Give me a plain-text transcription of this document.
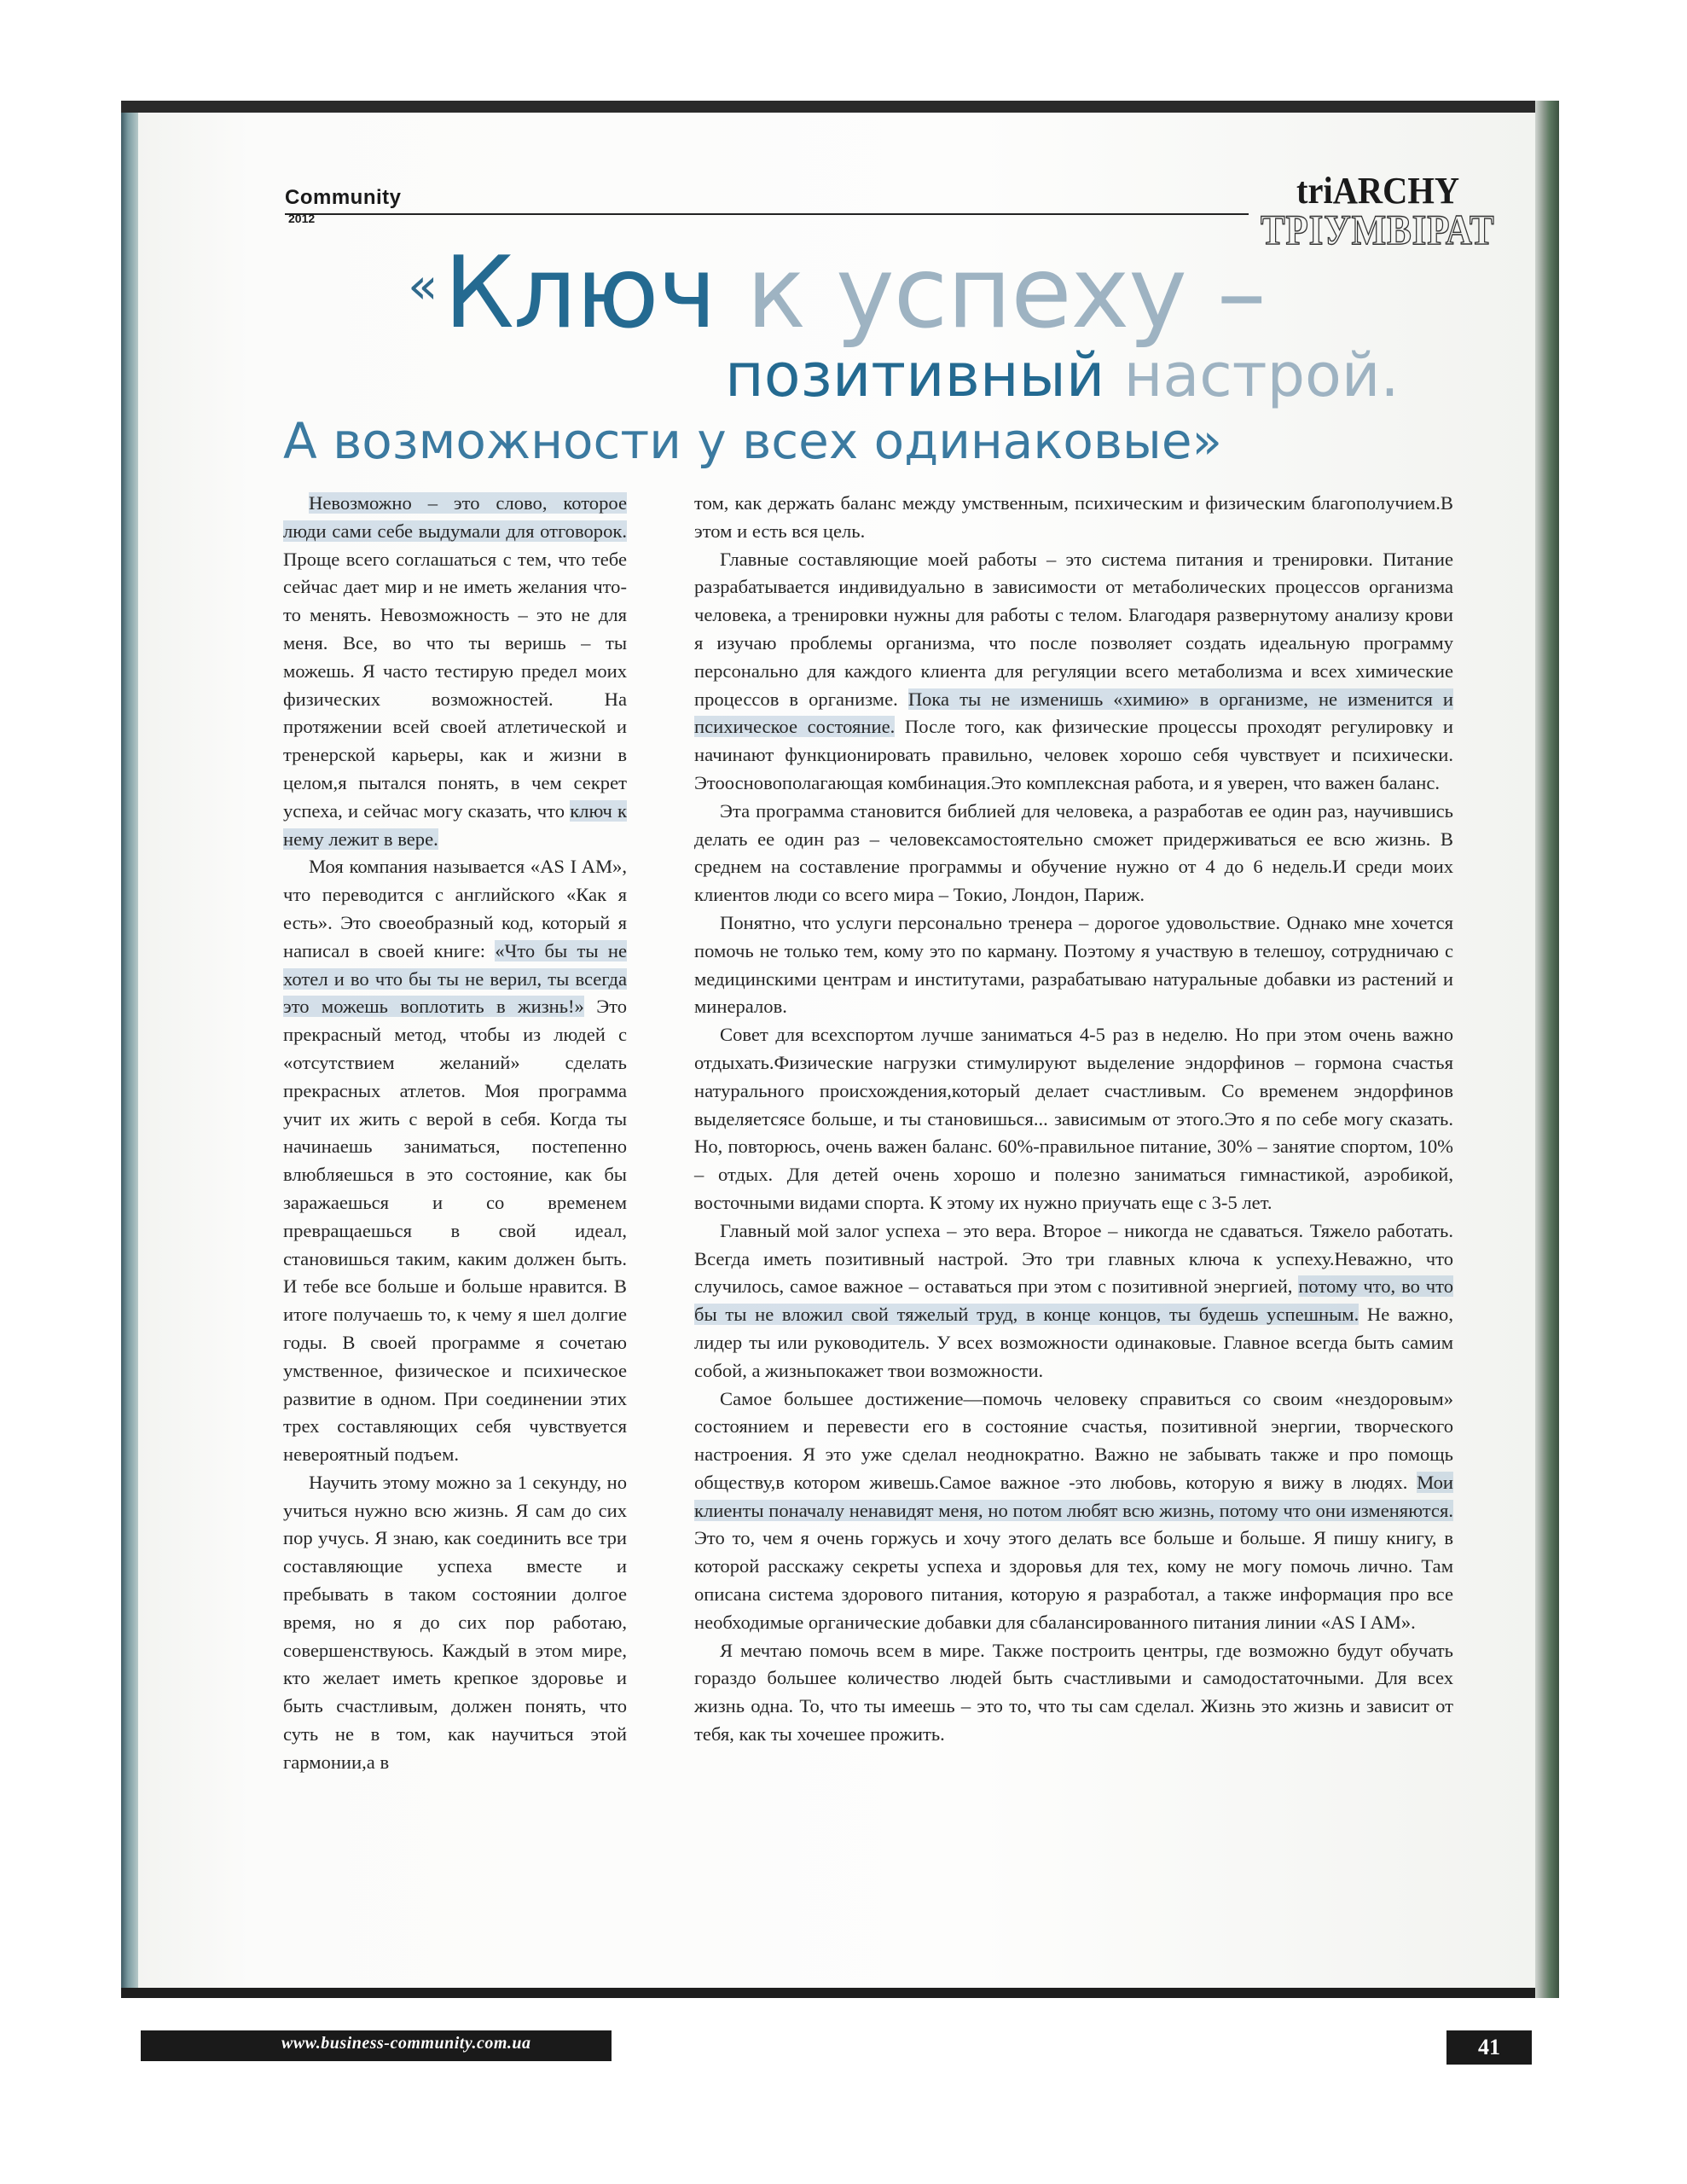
Community
2012
triARCHY
ТРІУМВІРАТ
«Ключ к успеху –
позитивный настрой.
А возможности у всех одинаковые»

Невозможно – это слово, которое люди сами себе выдумали для отговорок. Проще всего соглашаться с тем, что тебе сейчас дает мир и не иметь желания что-то менять. Невозможность – это не для меня. Все, во что ты веришь – ты можешь. Я часто тестирую предел моих физических возможностей. На протяжении всей своей атлетической и тренерской карьеры, как и жизни в целом,я пытался понять, в чем секрет успеха, и сейчас могу сказать, что ключ к нему лежит в вере.

Моя компания называется «AS I AM», что переводится с английского «Как я есть». Это своеобразный код, который я написал в своей книге: «Что бы ты не хотел и во что бы ты не верил, ты всегда это можешь воплотить в жизнь!» Это прекрасный метод, чтобы из людей с «отсутствием желаний» сделать прекрасных атлетов. Моя программа учит их жить с верой в себя. Когда ты начинаешь заниматься, постепенно влюбляешься в это состояние, как бы заражаешься и со временем превращаешься в свой идеал, становишься таким, каким должен быть. И тебе все больше и больше нравится. В итоге получаешь то, к чему я шел долгие годы. В своей программе я сочетаю умственное, физическое и психическое развитие в одном. При соединении этих трех составляющих себя чувствуется невероятный подъем.

Научить этому можно за 1 секунду, но учиться нужно всю жизнь. Я сам до сих пор учусь. Я знаю, как соединить все три составляющие успеха вместе и пребывать в таком состоянии долгое время, но я до сих пор работаю, совершенствуюсь. Каждый в этом мире, кто желает иметь крепкое здоровье и быть счастливым, должен понять, что суть не в том, как научиться этой гармонии,а в

том, как держать баланс между умственным, психическим и физическим благополучием.В этом и есть вся цель.

Главные составляющие моей работы – это система питания и тренировки. Питание разрабатывается индивидуально в зависимости от метаболических процессов организма человека, а тренировки нужны для работы с телом. Благодаря развернутому анализу крови я изучаю проблемы организма, что после позволяет создать идеальную программу персонально для каждого клиента для регуляции всего метаболизма и всех химические процессов в организме. Пока ты не изменишь «химию» в организме, не изменится и психическое состояние. После того, как физические процессы проходят регулировку и начинают функционировать правильно, человек хорошо себя чувствует и психически. Этоосновополагающая комбинация.Это комплексная работа, и я уверен, что важен баланс.

Эта программа становится библией для человека, а разработав ее один раз, научившись делать ее один раз – человексамостоятельно сможет придерживаться ее всю жизнь. В среднем на составление программы и обучение нужно от 4 до 6 недель.И среди моих клиентов люди со всего мира – Токио, Лондон, Париж.

Понятно, что услуги персонально тренера – дорогое удовольствие. Однако мне хочется помочь не только тем, кому это по карману. Поэтому я участвую в телешоу, сотрудничаю с медицинскими центрам и институтами, разрабатываю натуральные добавки из растений и минералов.

Совет для всехспортом лучше заниматься 4-5 раз в неделю. Но при этом очень важно отдыхать.Физические нагрузки стимулируют выделение эндорфинов – гормона счастья натурального происхождения,который делает счастливым. Со временем эндорфинов выделяетсясе больше, и ты становишься... зависимым от этого.Это я по себе могу сказать. Но, повторюсь, очень важен баланс. 60%-правильное питание, 30% – занятие спортом, 10% – отдых. Для детей очень хорошо и полезно заниматься гимнастикой, аэробикой, восточными видами спорта. К этому их нужно приучать еще с 3-5 лет.

Главный мой залог успеха – это вера. Второе – никогда не сдаваться. Тяжело работать. Всегда иметь позитивный настрой. Это три главных ключа к успеху.Неважно, что случилось, самое важное – оставаться при этом с позитивной энергией, потому что, во что бы ты не вложил свой тяжелый труд, в конце концов, ты будешь успешным. Не важно, лидер ты или руководитель. У всех возможности одинаковые. Главное всегда быть самим собой, а жизньпокажет твои возможности.

Самое большее достижение—помочь человеку справиться со своим «нездоровым» состоянием и перевести его в состояние счастья, позитивной энергии, творческого настроения. Я это уже сделал неоднократно. Важно не забывать также и про помощь обществу,в котором живешь.Самое важное -это любовь, которую я вижу в людях. Мои клиенты поначалу ненавидят меня, но потом любят всю жизнь, потому что они изменяются. Это то, чем я очень горжусь и хочу этого делать все больше и больше. Я пишу книгу, в которой расскажу секреты успеха и здоровья для тех, кому не могу помочь лично. Там описана система здорового питания, которую я разработал, а также информация про все необходимые органические добавки для сбалансированного питания линии «AS I AM».

Я мечтаю помочь всем в мире. Также построить центры, где возможно будут обучать гораздо большее количество людей быть счастливыми и самодостаточными. Для всех жизнь одна. То, что ты имеешь – это то, что ты сам сделал. Жизнь это жизнь и зависит от тебя, как ты хочешеe прожить.

www.business-community.com.ua	41
